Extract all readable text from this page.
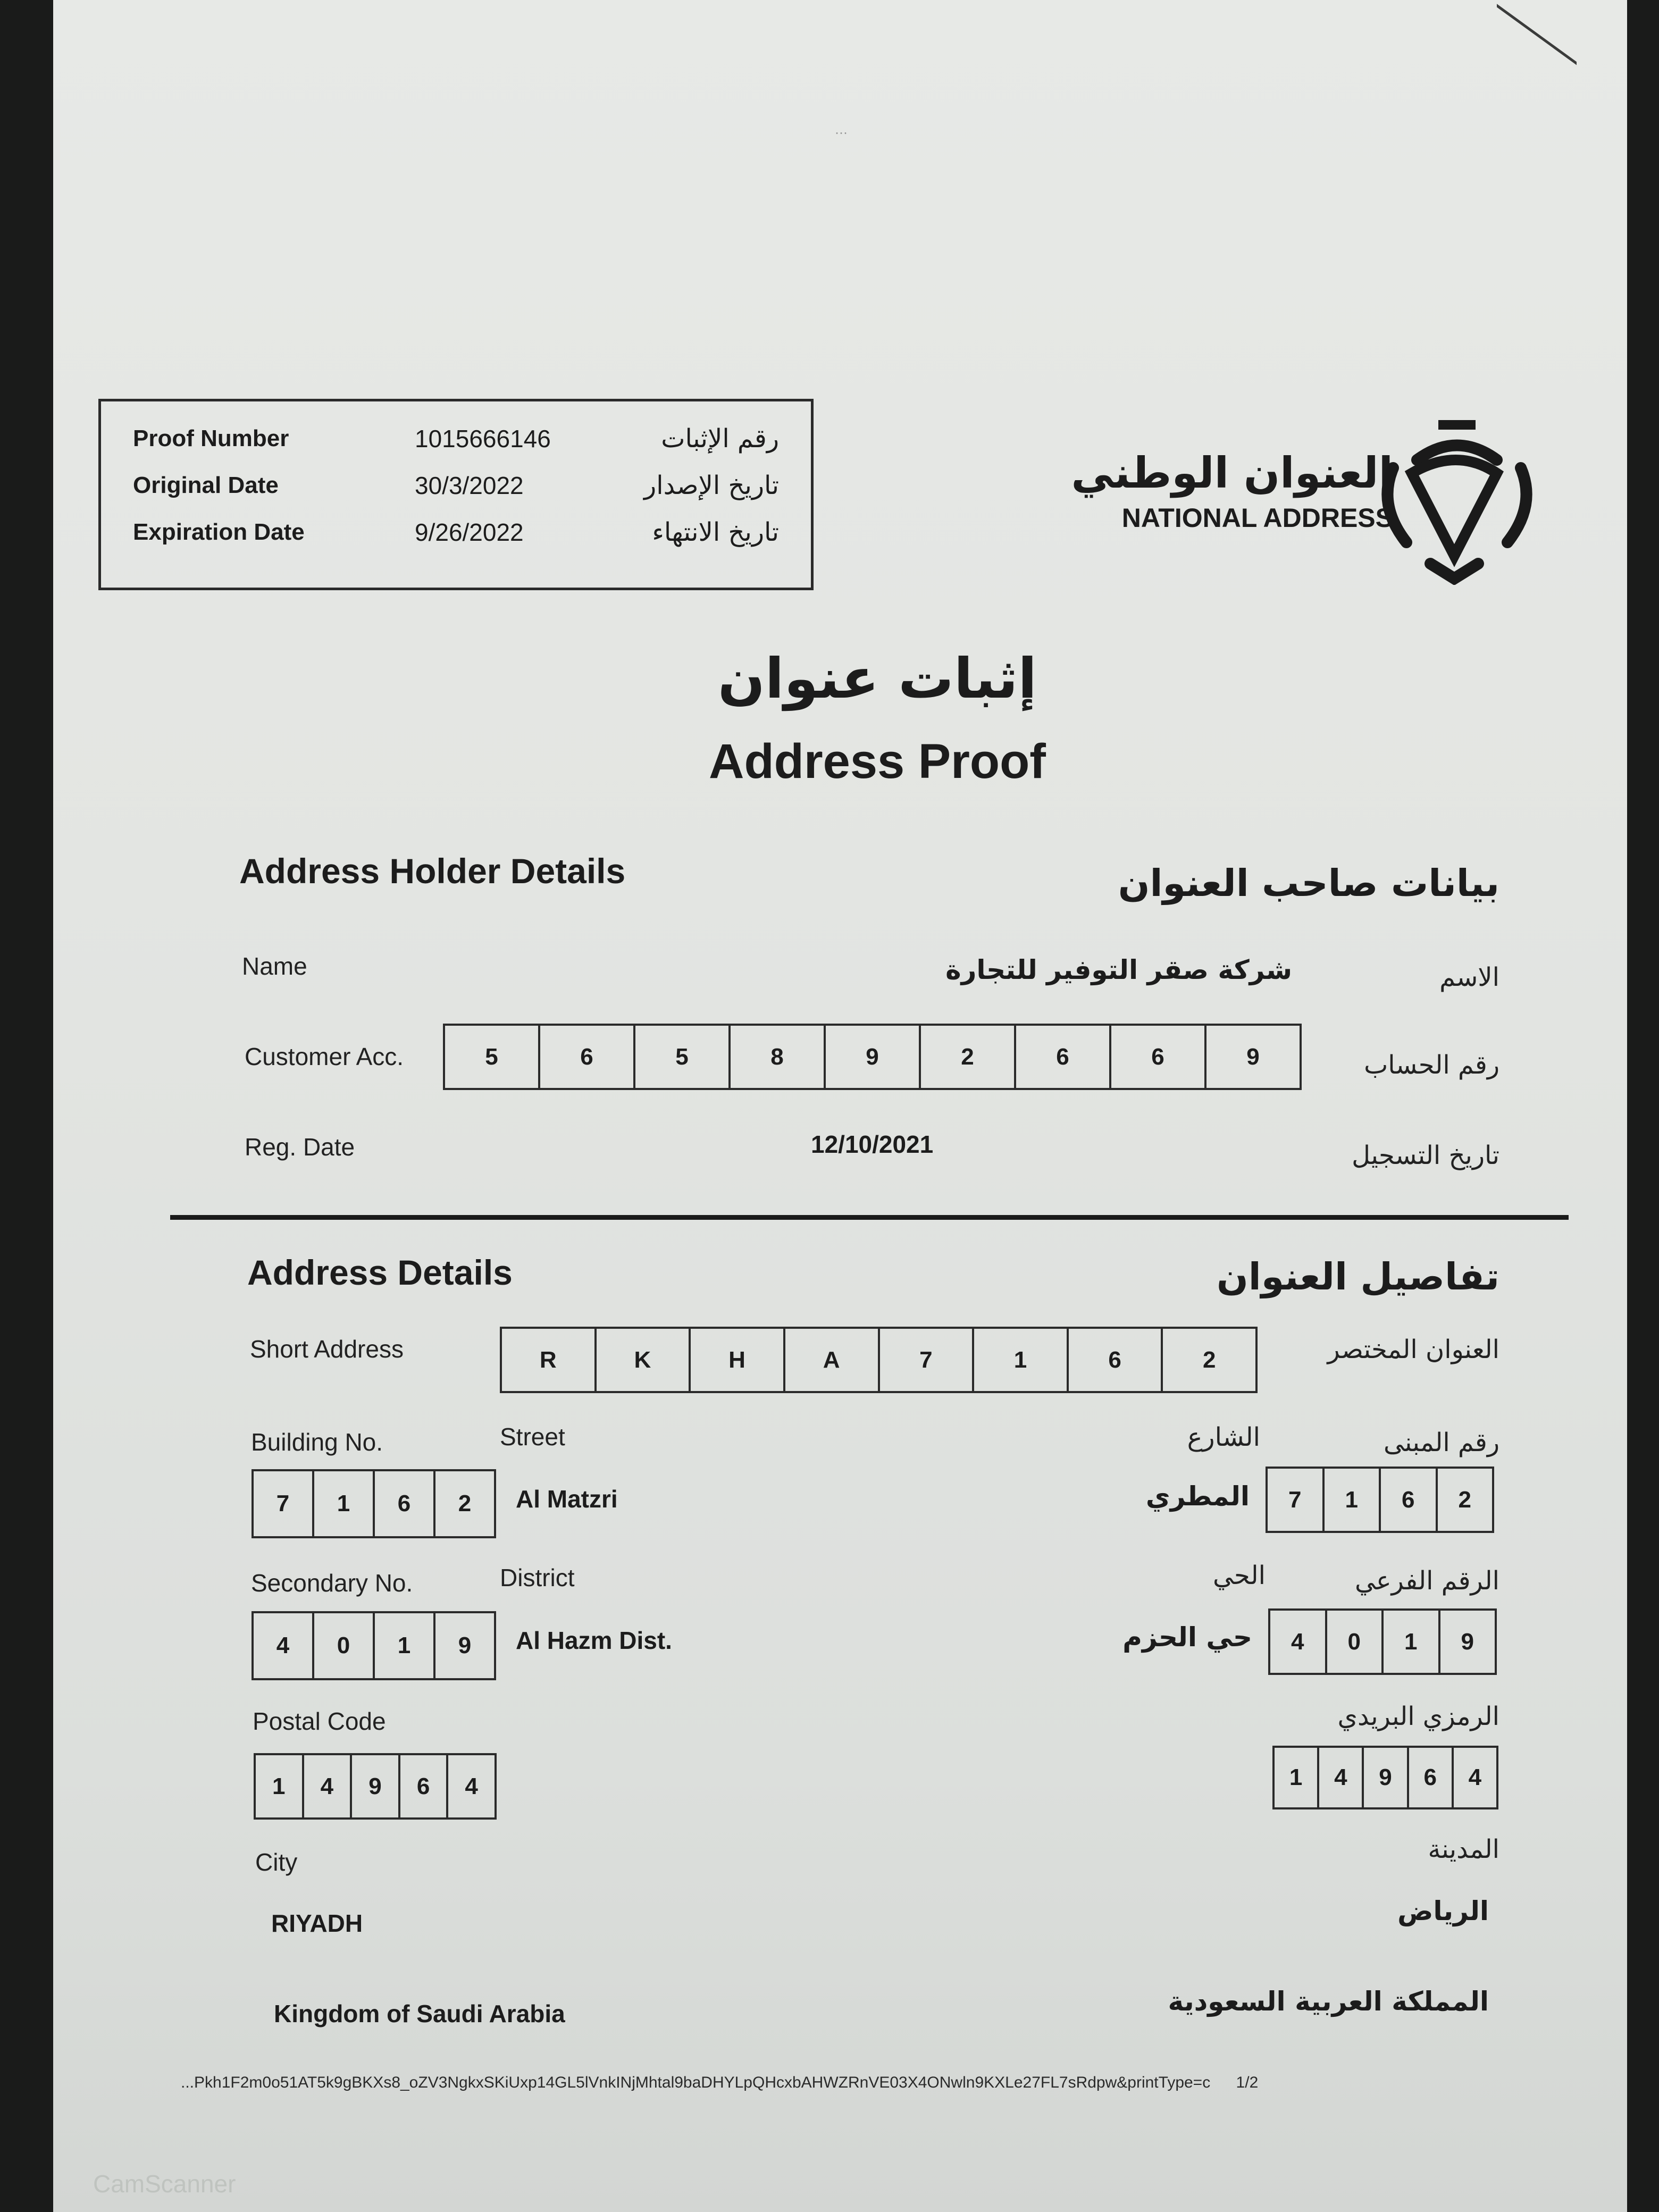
…
Proof Number	1015666146	رقم الإثبات
Original Date	30/3/2022	تاريخ الإصدار
Expiration Date	9/26/2022	تاريخ الانتهاء
العنوان الوطني
NATIONAL ADDRESS
إثبات عنوان
Address Proof
Address Holder Details	بيانات صاحب العنوان
Name	شركة صقر التوفير للتجارة	الاسم
Customer Acc.	5	6	5	8	9	2	6	6	9	رقم الحساب
Reg. Date	12/10/2021	تاريخ التسجيل
Address Details	تفاصيل العنوان
Short Address	R	K	H	A	7	1	6	2	العنوان المختصر
Building No.	Street	الشارع	رقم المبنى
7	1	6	2	Al Matzri	المطري	7	1	6	2
Secondary No.	District	الحي	الرقم الفرعي
4	0	1	9	Al Hazm Dist.	حي الحزم	4	0	1	9
Postal Code	الرمزي البريدي
1	4	9	6	4	1	4	9	6	4
City	المدينة
RIYADH	الرياض
Kingdom of Saudi Arabia	المملكة العربية السعودية
...Pkh1F2m0o51AT5k9gBKXs8_oZV3NgkxSKiUxp14GL5lVnkINjMhtal9baDHYLpQHcxbAHWZRnVE03X4ONwln9KXLe27FL7sRdpw&printType=c 1/2
CamScanner
